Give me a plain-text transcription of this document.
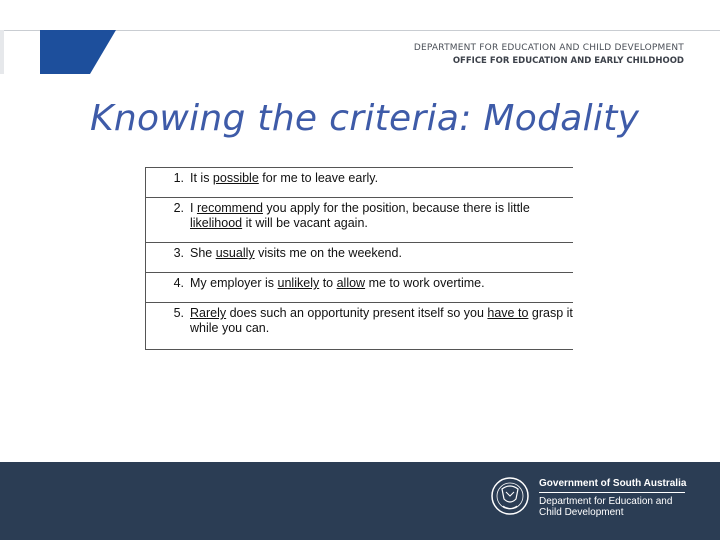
DEPARTMENT FOR EDUCATION AND CHILD DEVELOPMENT
OFFICE FOR EDUCATION AND EARLY CHILDHOOD
Knowing the criteria: Modality
1.	It is possible for me to leave early.
2.	I recommend you apply for the position, because there is little likelihood it will be vacant again.
3.	She usually visits me on the weekend.
4.	My employer is unlikely to allow me to work overtime.
5.	Rarely does such an opportunity present itself so you have to grasp it while you can.
Government of South Australia
Department for Education and
Child Development
